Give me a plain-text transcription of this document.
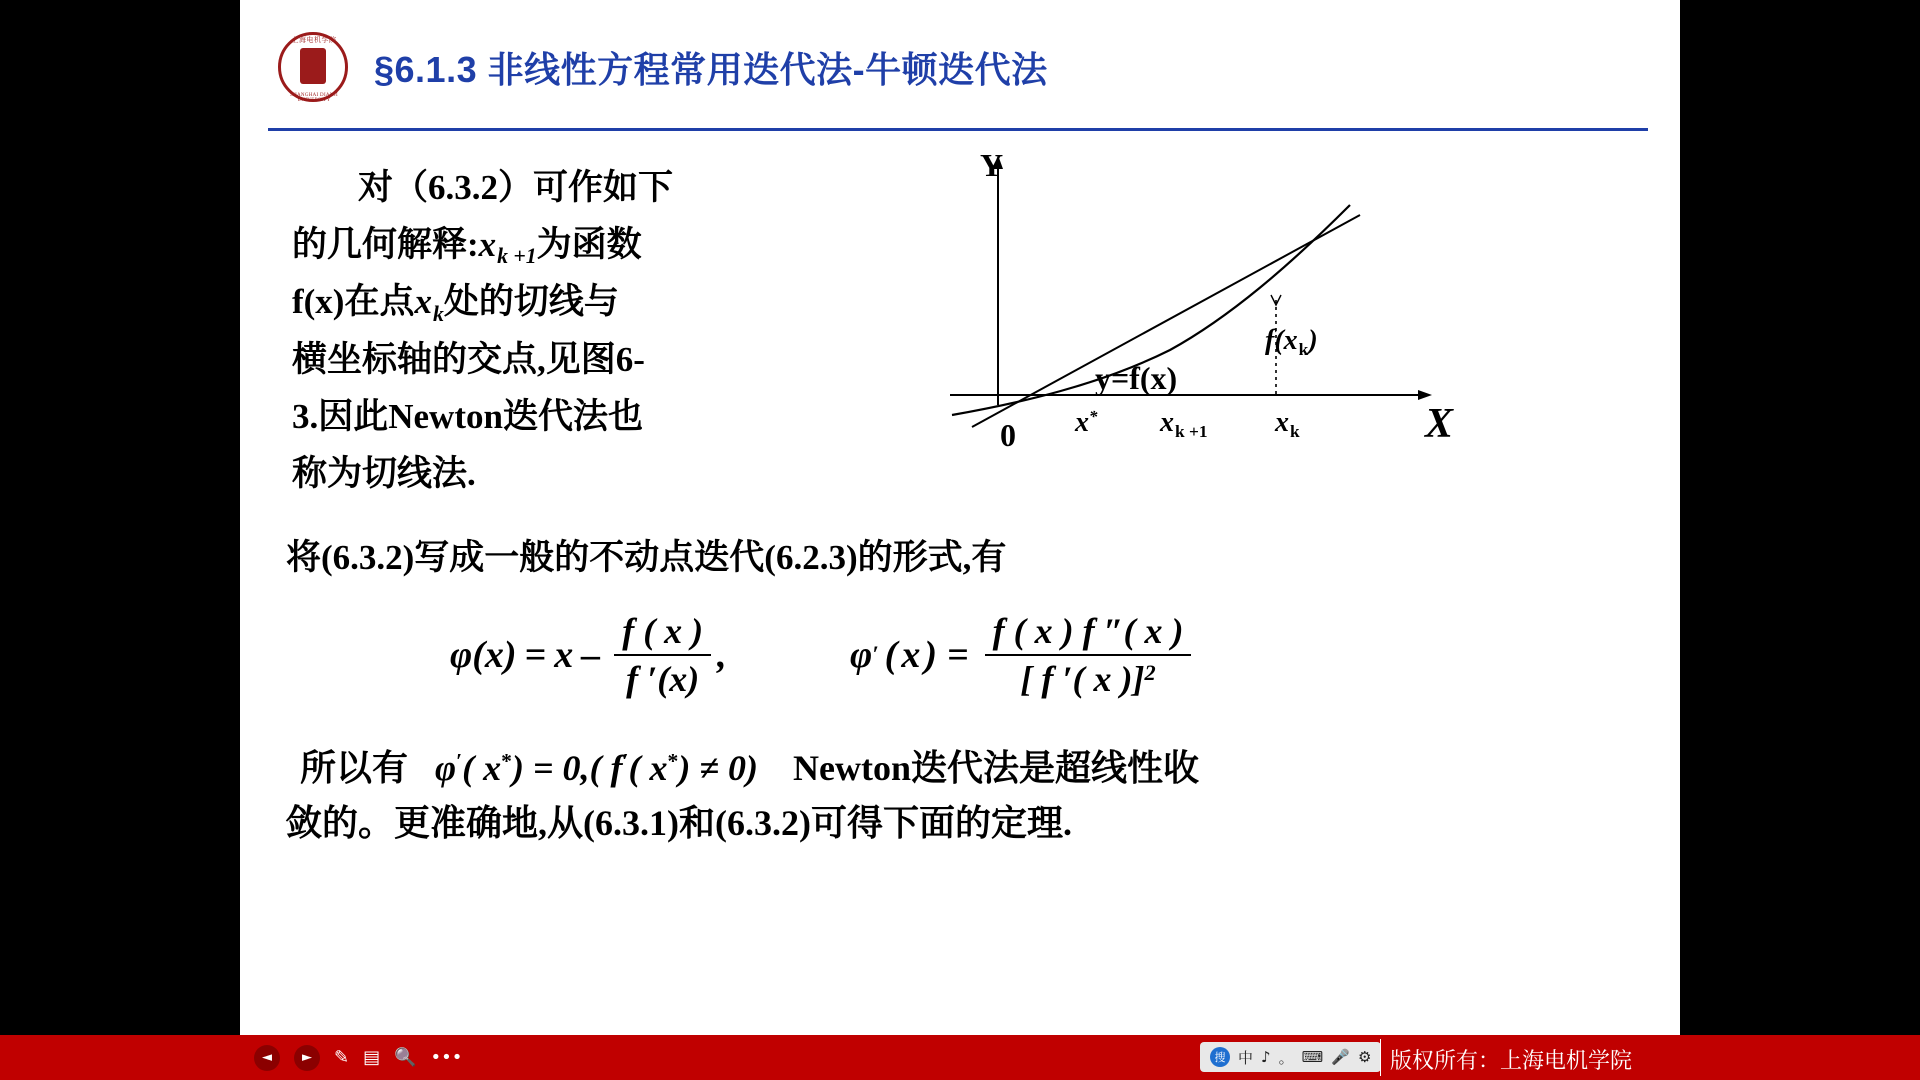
上海电机学院
SHANGHAI DIANJI UNIVERSITY
§6.1.3 非线性方程常用迭代法-牛顿迭代法
对（6.3.2）可作如下
的几何解释$:x_{k +1}$为函数
f(x)在点$x_k$处的切线与
横坐标轴的交点,见图6-
3.因此Newton迭代法也
称为切线法.
Y
X
0
y=f(x)
$f(x_k)$
x* $x_{k +1}$ $x_k$
将(6.3.2)写成一般的不动点迭代(6.2.3)的形式,有
φ ( x ) = x – $\frac{f ( x )}{f '(x)}$ ,	φ ′ ( x ) = $\frac{f ( x ) f ''( x )}{[ f '( x )]^2}$
所以有 φ′( x*) = 0,( f′( x*) ≠ 0) Newton迭代法是超线性收
敛的。更准确地,从(6.3.1)和(6.3.2)可得下面的定理.
◄	►	✎ ▤ 🔍 •••	搜 中 ♪ 。 ⌨ 🎤 ⚙ 版权所有：上海电机学院
